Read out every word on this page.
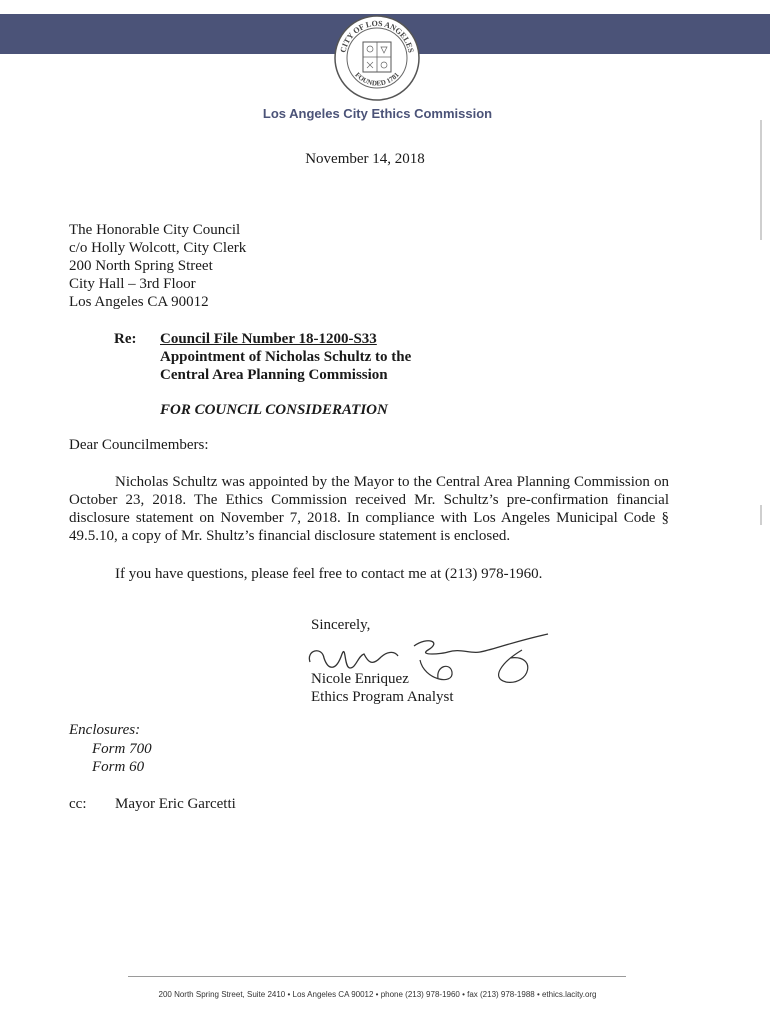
CITY OF LOS ANGELES
FOUNDED 1781
Los Angeles City Ethics Commission
November 14, 2018
The Honorable City Council
c/o Holly Wolcott, City Clerk
200 North Spring Street
City Hall – 3rd Floor
Los Angeles CA 90012
Re: Council File Number 18-1200-S33
Appointment of Nicholas Schultz to the
Central Area Planning Commission
FOR COUNCIL CONSIDERATION
Dear Councilmembers:
Nicholas Schultz was appointed by the Mayor to the Central Area Planning Commission on October 23, 2018. The Ethics Commission received Mr. Schultz’s pre-confirmation financial disclosure statement on November 7, 2018. In compliance with Los Angeles Municipal Code § 49.5.10, a copy of Mr. Shultz’s financial disclosure statement is enclosed.
If you have questions, please feel free to contact me at (213) 978-1960.
Sincerely,
Nicole Enriquez
Ethics Program Analyst
Enclosures:
Form 700
Form 60
cc: Mayor Eric Garcetti
200 North Spring Street, Suite 2410 • Los Angeles CA 90012 • phone (213) 978-1960 • fax (213) 978-1988 • ethics.lacity.org
